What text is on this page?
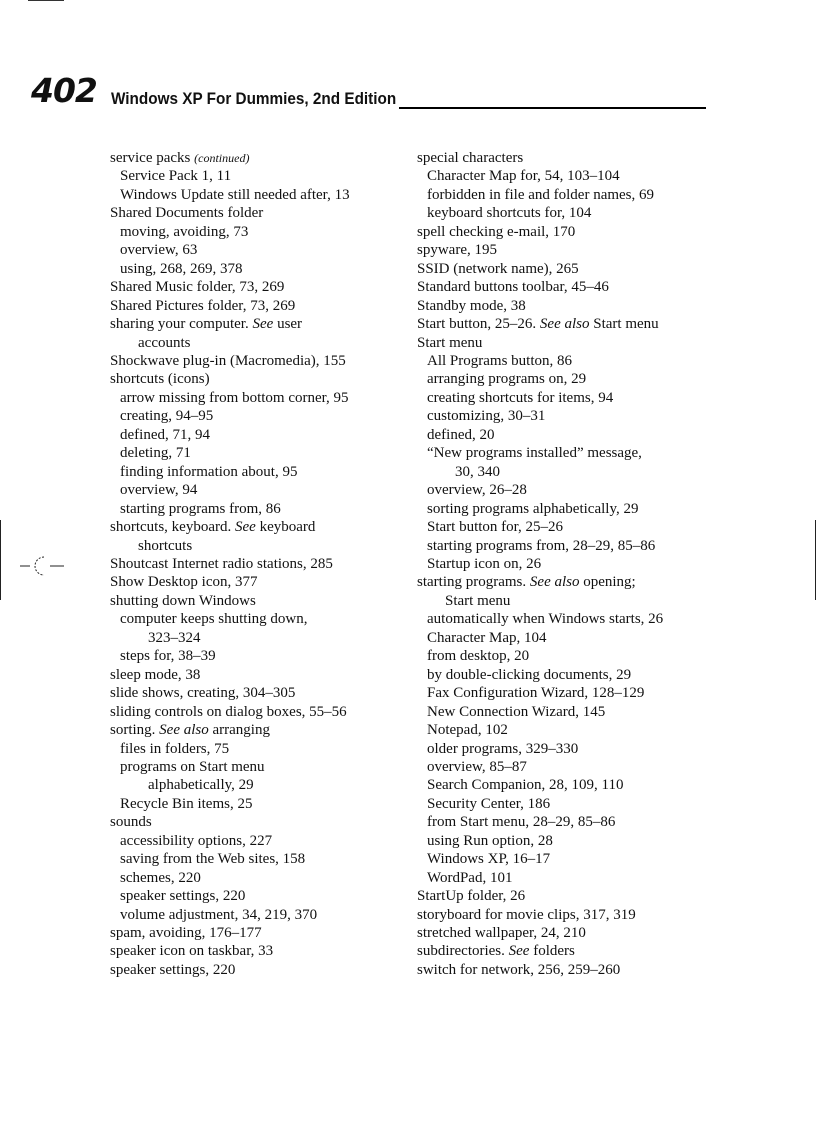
402 Windows XP For Dummies, 2nd Edition
service packs (continued)
Service Pack 1, 11
Windows Update still needed after, 13
Shared Documents folder
moving, avoiding, 73
overview, 63
using, 268, 269, 378
Shared Music folder, 73, 269
Shared Pictures folder, 73, 269
sharing your computer. See user
accounts
Shockwave plug-in (Macromedia), 155
shortcuts (icons)
arrow missing from bottom corner, 95
creating, 94–95
defined, 71, 94
deleting, 71
finding information about, 95
overview, 94
starting programs from, 86
shortcuts, keyboard. See keyboard
shortcuts
Shoutcast Internet radio stations, 285
Show Desktop icon, 377
shutting down Windows
computer keeps shutting down,
323–324
steps for, 38–39
sleep mode, 38
slide shows, creating, 304–305
sliding controls on dialog boxes, 55–56
sorting. See also arranging
files in folders, 75
programs on Start menu
alphabetically, 29
Recycle Bin items, 25
sounds
accessibility options, 227
saving from the Web sites, 158
schemes, 220
speaker settings, 220
volume adjustment, 34, 219, 370
spam, avoiding, 176–177
speaker icon on taskbar, 33
speaker settings, 220
special characters
Character Map for, 54, 103–104
forbidden in file and folder names, 69
keyboard shortcuts for, 104
spell checking e-mail, 170
spyware, 195
SSID (network name), 265
Standard buttons toolbar, 45–46
Standby mode, 38
Start button, 25–26. See also Start menu
Start menu
All Programs button, 86
arranging programs on, 29
creating shortcuts for items, 94
customizing, 30–31
defined, 20
“New programs installed” message,
30, 340
overview, 26–28
sorting programs alphabetically, 29
Start button for, 25–26
starting programs from, 28–29, 85–86
Startup icon on, 26
starting programs. See also opening;
Start menu
automatically when Windows starts, 26
Character Map, 104
from desktop, 20
by double-clicking documents, 29
Fax Configuration Wizard, 128–129
New Connection Wizard, 145
Notepad, 102
older programs, 329–330
overview, 85–87
Search Companion, 28, 109, 110
Security Center, 186
from Start menu, 28–29, 85–86
using Run option, 28
Windows XP, 16–17
WordPad, 101
StartUp folder, 26
storyboard for movie clips, 317, 319
stretched wallpaper, 24, 210
subdirectories. See folders
switch for network, 256, 259–260
